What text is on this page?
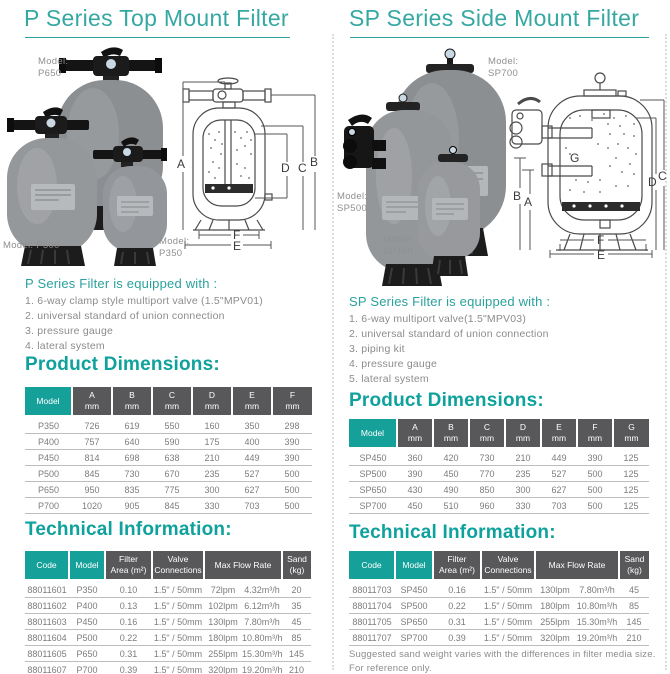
P Series Top Mount Filter
Model:
P650
Model: P500	Model:
P350
A	B
C
D
F
E
P Series Filter is equipped with :
1. 6-way clamp style multiport valve (1.5"MPV01)
2. universal standard of union connection
3. pressure gauge
4. lateral system
Product Dimensions:
Model

A
mm

B
mm

C
mm

D
mm

E
mm

F
mm

P350	726	619	550	160	350	298
P400	757	640	590	175	400	390
P450	814	698	638	210	449	390
P500	845	730	670	235	527	500
P650	950	835	775	300	627	500
P700	1020	905	845	330	703	500
Technical Information:
Code	Model

Filter
Area (m²)

Valve
Connections

Max Flow Rate

Sand
(kg)

88011601	P350	0.10	1.5" / 50mm	72lpm	4.32m³/h	20
88011602	P400	0.13	1.5" / 50mm	102lpm	6.12m³/h	35
88011603	P450	0.16	1.5" / 50mm	130lpm	7.80m³/h	45
88011604	P500	0.22	1.5" / 50mm	180lpm	10.80m³/h	85
88011605	P650	0.31	1.5" / 50mm	255lpm	15.30m³/h	145
88011607	P700	0.39	1.5" / 50mm	320lpm	19.20m³/h	210
SP Series Side Mount Filter
Model:
SP700
Model:
SP500
Model:
SP450
B A
G
D C
F
E
SP Series Filter is equipped with :
1. 6-way multiport valve(1.5"MPV03)
2. universal standard of union connection
3. piping kit
4. pressure gauge
5. lateral system
Product Dimensions:
Model

A
mm

B
mm

C
mm

D
mm

E
mm

F
mm

G
mm

SP450	360	420	730	210	449	390	125
SP500	390	450	770	235	527	500	125
SP650	430	490	850	300	627	500	125
SP700	450	510	960	330	703	500	125
Technical Information:
Code	Model

Filter
Area (m²)

Valve
Connections

Max Flow Rate

Sand
(kg)

88011703	SP450	0.16	1.5" / 50mm	130lpm	7.80m³/h	45
88011704	SP500	0.22	1.5" / 50mm	180lpm	10.80m³/h	85
88011705	SP650	0.31	1.5" / 50mm	255lpm	15.30m³/h	145
88011707	SP700	0.39	1.5" / 50mm	320lpm	19.20m³/h	210
Suggested sand weight varies with the differences in filter media size.
For reference only.
